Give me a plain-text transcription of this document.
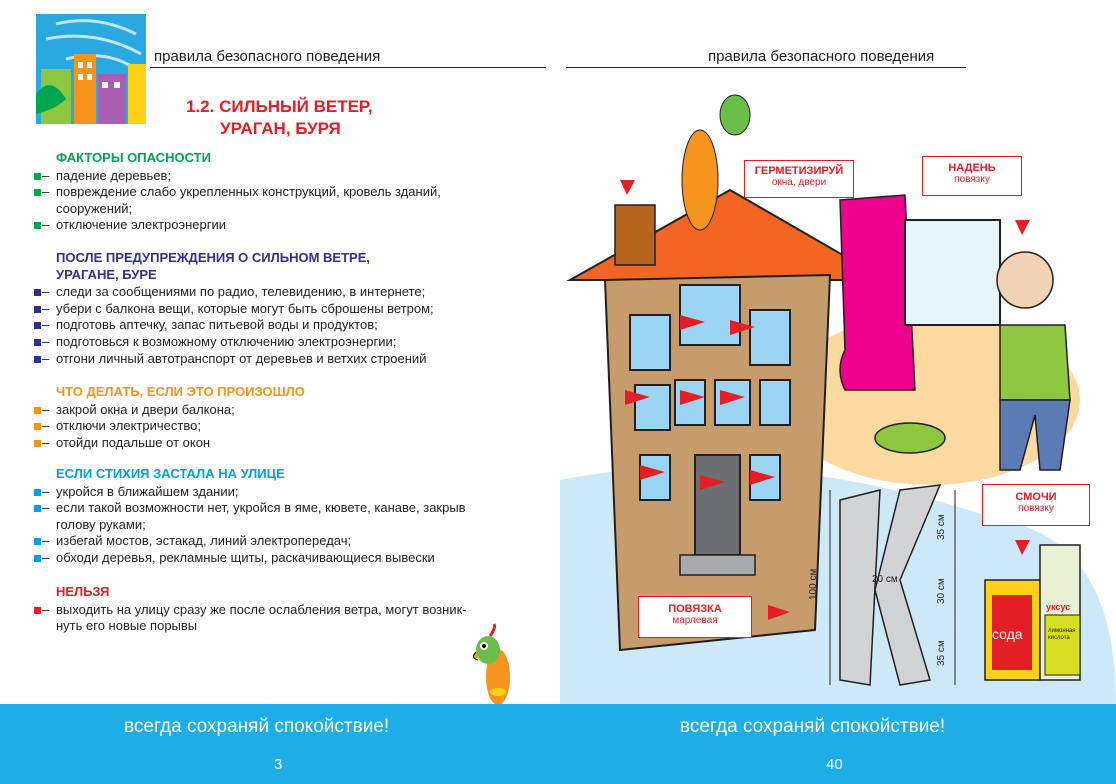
правила безопасного поведения	правила безопасного поведения
1.2. СИЛЬНЫЙ ВЕТЕР,
УРАГАН, БУРЯ
ФАКТОРЫ ОПАСНОСТИ
– падение деревьев;
– повреждение слабо укрепленных конструкций, кровель зданий,
сооружений;
– отключение электроэнергии
ПОСЛЕ ПРЕДУПРЕЖДЕНИЯ О СИЛЬНОМ ВЕТРЕ,
УРАГАНЕ, БУРЕ
– следи за сообщениями по радио, телевидению, в интернете;
– убери с балкона вещи, которые могут быть сброшены ветром;
– подготовь аптечку, запас питьевой воды и продуктов;
– подготовься к возможному отключению электроэнергии;
– отгони личный автотранспорт от деревьев и ветхих строений
ЧТО ДЕЛАТЬ, ЕСЛИ ЭТО ПРОИЗОШЛО
– закрой окна и двери балкона;
– отключи электричество;
– отойди подальше от окон
ЕСЛИ СТИХИЯ ЗАСТАЛА НА УЛИЦЕ
– укройся в ближайшем здании;
– если такой возможности нет, укройся в яме, кювете, канаве, закрыв
голову руками;
– избегай мостов, эстакад, линий электропередач;
– обходи деревья, рекламные щиты, раскачивающиеся вывески
НЕЛЬЗЯ
– выходить на улицу сразу же после ослабления ветра, могут возник-
нуть его новые порывы
ГЕРМЕТИЗИРУЙ
окна, двери
НАДЕНЬ
повязку
СМОЧИ
повязку
ПОВЯЗКА
марлевая
100 см	20 см
35 см
30 см
35 см
сода
уксус
лимонная кислота
всегда сохраняй спокойствие!	всегда сохраняй спокойствие!
3	40
